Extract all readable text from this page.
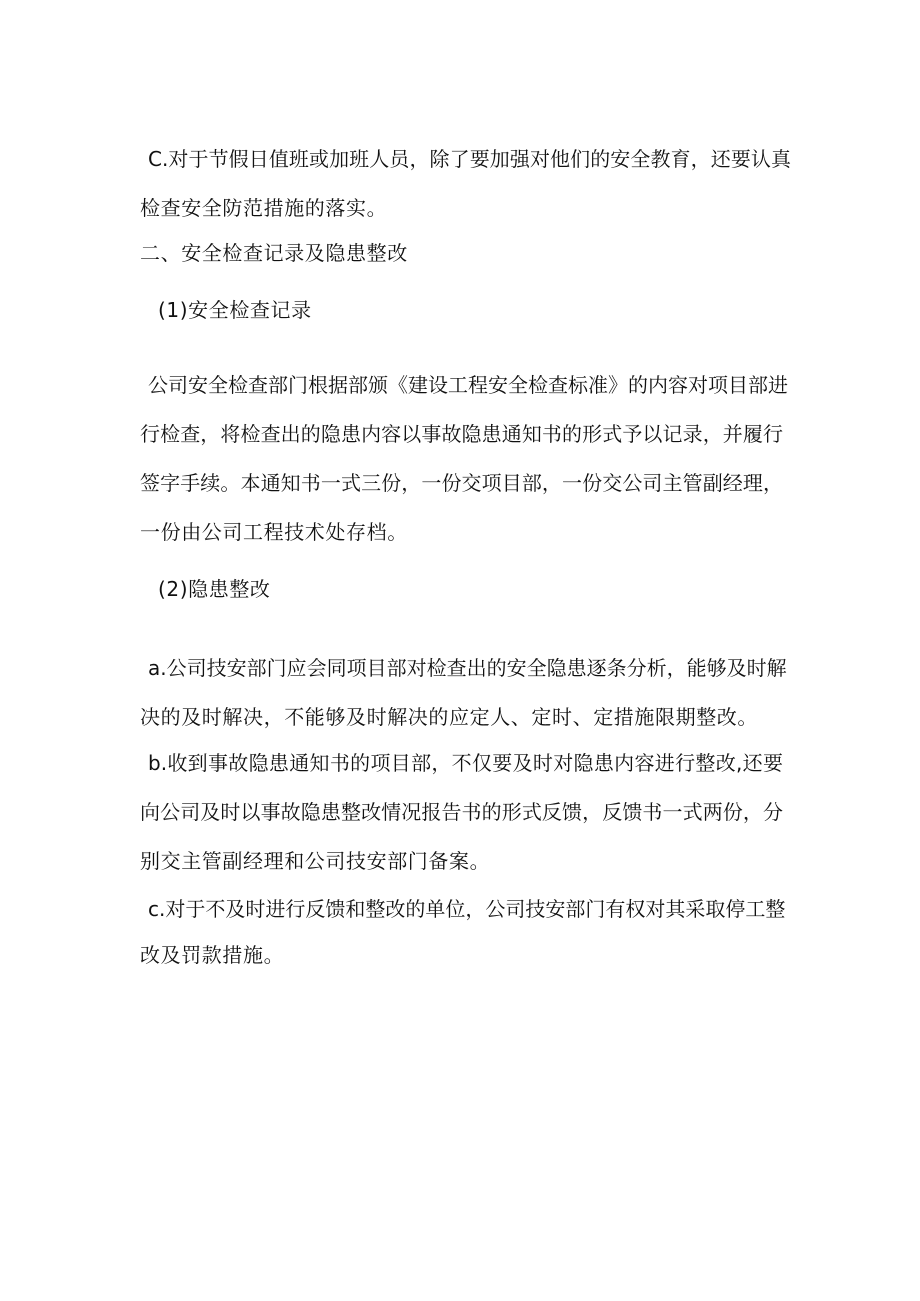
C.对于节假日值班或加班人员，除了要加强对他们的安全教育，还要认真
检查安全防范措施的落实。
二、安全检查记录及隐患整改
(1)安全检查记录
公司安全检查部门根据部颁《建设工程安全检查标准》的内容对项目部进
行检查，将检查出的隐患内容以事故隐患通知书的形式予以记录，并履行
签字手续。本通知书一式三份，一份交项目部，一份交公司主管副经理，
一份由公司工程技术处存档。
(2)隐患整改
a.公司技安部门应会同项目部对检查出的安全隐患逐条分析，能够及时解
决的及时解决，不能够及时解决的应定人、定时、定措施限期整改。
b.收到事故隐患通知书的项目部，不仅要及时对隐患内容进行整改,还要
向公司及时以事故隐患整改情况报告书的形式反馈，反馈书一式两份，分
别交主管副经理和公司技安部门备案。
c.对于不及时进行反馈和整改的单位，公司技安部门有权对其采取停工整
改及罚款措施。
